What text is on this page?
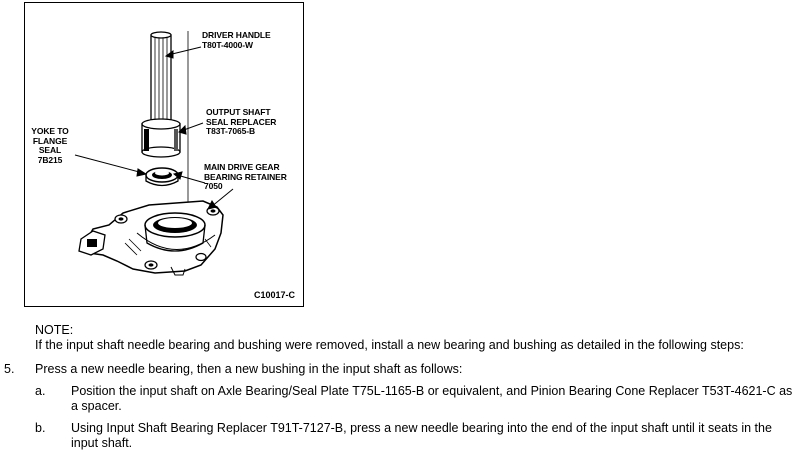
DRIVER HANDLE
T80T-4000-W
OUTPUT SHAFT
SEAL REPLACER
T83T-7065-B
YOKE TO
FLANGE
SEAL
7B215
MAIN DRIVE GEAR
BEARING RETAINER
7050
C10017-C
NOTE:
If the input shaft needle bearing and bushing were removed, install a new bearing and bushing as detailed in the following steps:
5. Press a new needle bearing, then a new bushing in the input shaft as follows:
a. Position the input shaft on Axle Bearing/Seal Plate T75L-1165-B or equivalent, and Pinion Bearing Cone Replacer T53T-4621-C as a spacer.
b. Using Input Shaft Bearing Replacer T91T-7127-B, press a new needle bearing into the end of the input shaft until it seats in the input shaft.
